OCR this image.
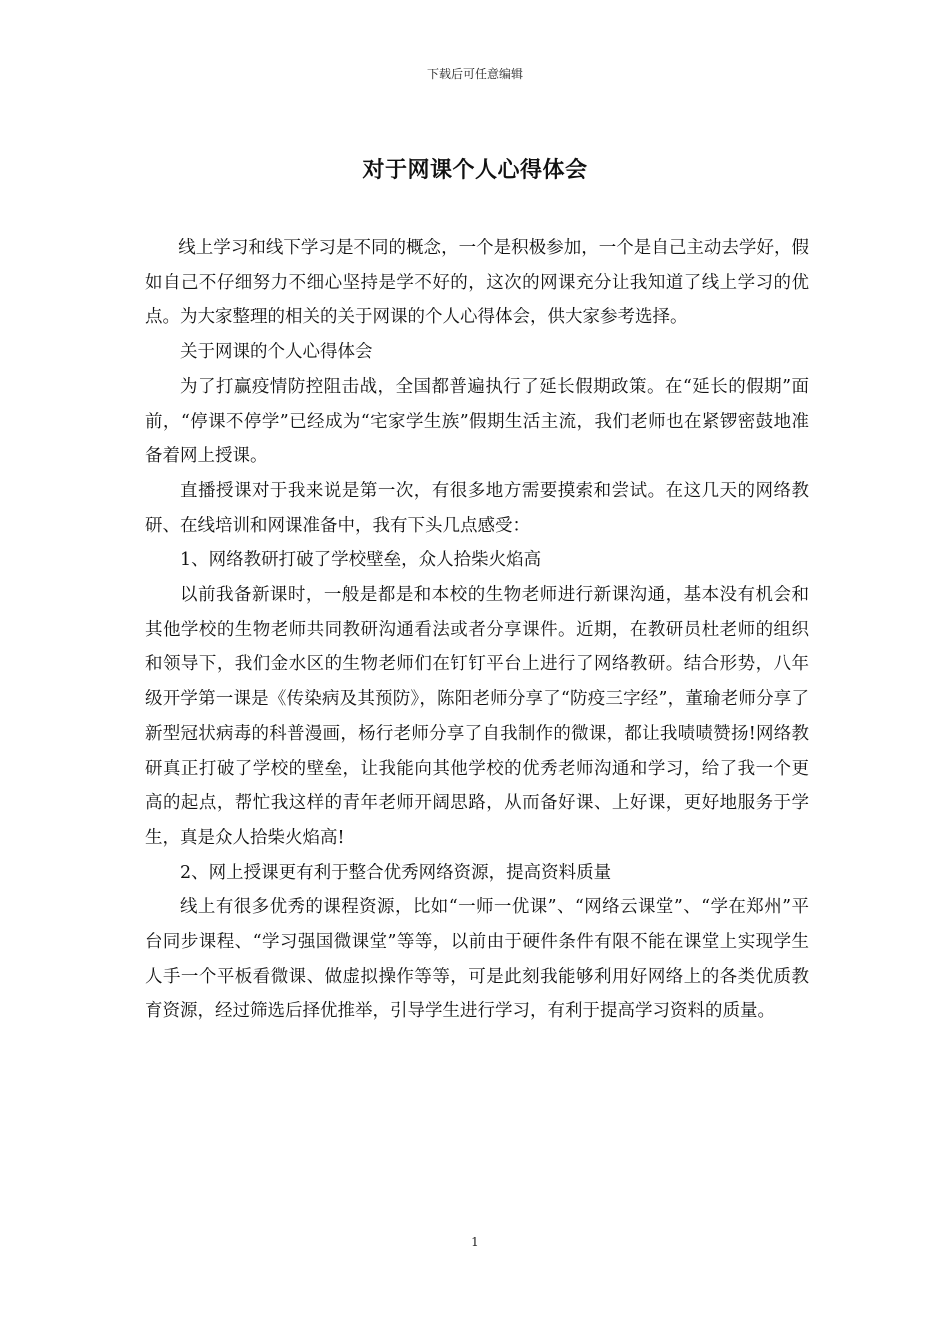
下载后可任意编辑
对于网课个人心得体会

线上学习和线下学习是不同的概念，一个是积极参加，一个是自己主动去学好，假如自己不仔细努力不细心坚持是学不好的，这次的网课充分让我知道了线上学习的优点。为大家整理的相关的关于网课的个人心得体会，供大家参考选择。

关于网课的个人心得体会

为了打赢疫情防控阻击战，全国都普遍执行了延长假期政策。在“延长的假期”面前，“停课不停学”已经成为“宅家学生族”假期生活主流，我们老师也在紧锣密鼓地准备着网上授课。

直播授课对于我来说是第一次，有很多地方需要摸索和尝试。在这几天的网络教研、在线培训和网课准备中，我有下头几点感受：

1、网络教研打破了学校壁垒，众人拾柴火焰高

以前我备新课时，一般是都是和本校的生物老师进行新课沟通，基本没有机会和其他学校的生物老师共同教研沟通看法或者分享课件。近期，在教研员杜老师的组织和领导下，我们金水区的生物老师们在钉钉平台上进行了网络教研。结合形势，八年级开学第一课是《传染病及其预防》，陈阳老师分享了“防疫三字经”，董瑜老师分享了新型冠状病毒的科普漫画，杨行老师分享了自我制作的微课，都让我啧啧赞扬!网络教研真正打破了学校的壁垒，让我能向其他学校的优秀老师沟通和学习，给了我一个更高的起点，帮忙我这样的青年老师开阔思路，从而备好课、上好课，更好地服务于学生，真是众人拾柴火焰高!

2、网上授课更有利于整合优秀网络资源，提高资料质量

线上有很多优秀的课程资源，比如“一师一优课”、“网络云课堂”、“学在郑州”平台同步课程、“学习强国微课堂”等等，以前由于硬件条件有限不能在课堂上实现学生人手一个平板看微课、做虚拟操作等等，可是此刻我能够利用好网络上的各类优质教育资源，经过筛选后择优推举，引导学生进行学习，有利于提高学习资料的质量。

1
